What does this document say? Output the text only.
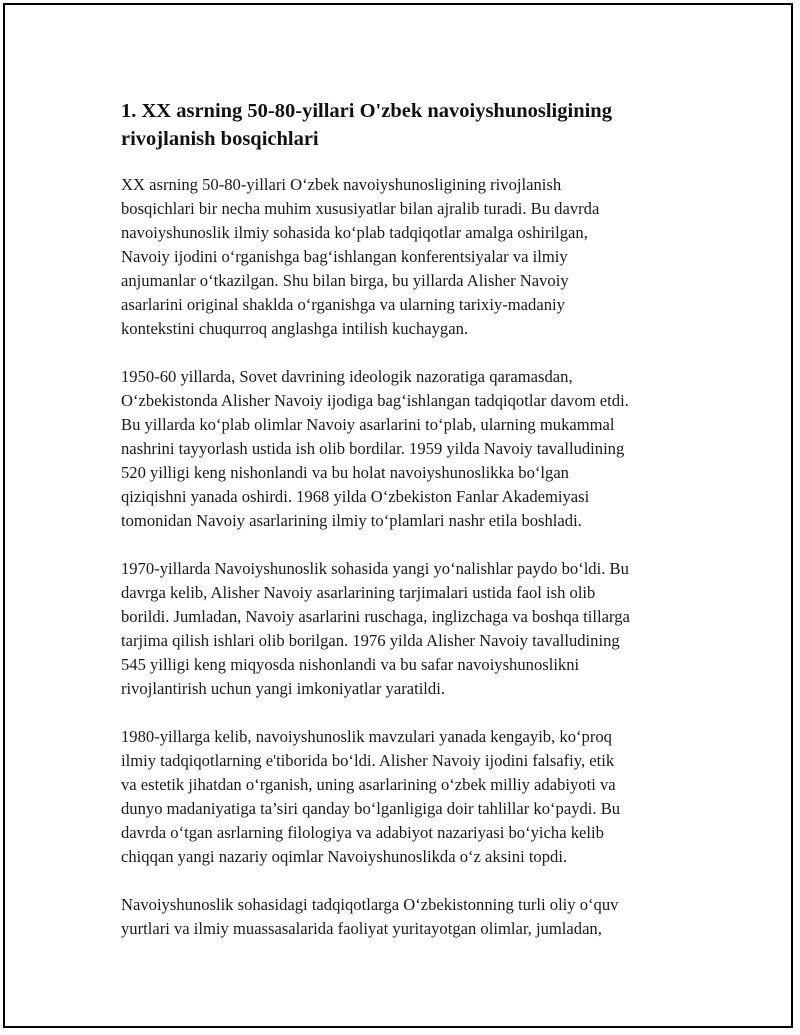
1. XX asrning 50-80-yillari O'zbek navoiyshunosligining rivojlanish bosqichlari

XX asrning 50-80-yillari O‘zbek navoiyshunosligining rivojlanish
bosqichlari bir necha muhim xususiyatlar bilan ajralib turadi. Bu davrda
navoiyshunoslik ilmiy sohasida ko‘plab tadqiqotlar amalga oshirilgan,
Navoiy ijodini o‘rganishga bag‘ishlangan konferentsiyalar va ilmiy
anjumanlar o‘tkazilgan. Shu bilan birga, bu yillarda Alisher Navoiy
asarlarini original shaklda o‘rganishga va ularning tarixiy-madaniy
kontekstini chuqurroq anglashga intilish kuchaygan.

1950-60 yillarda, Sovet davrining ideologik nazoratiga qaramasdan,
O‘zbekistonda Alisher Navoiy ijodiga bag‘ishlangan tadqiqotlar davom etdi.
Bu yillarda ko‘plab olimlar Navoiy asarlarini to‘plab, ularning mukammal
nashrini tayyorlash ustida ish olib bordilar. 1959 yilda Navoiy tavalludining
520 yilligi keng nishonlandi va bu holat navoiyshunoslikka bo‘lgan
qiziqishni yanada oshirdi. 1968 yilda O‘zbekiston Fanlar Akademiyasi
tomonidan Navoiy asarlarining ilmiy to‘plamlari nashr etila boshladi.

1970-yillarda Navoiyshunoslik sohasida yangi yo‘nalishlar paydo bo‘ldi. Bu
davrga kelib, Alisher Navoiy asarlarining tarjimalari ustida faol ish olib
borildi. Jumladan, Navoiy asarlarini ruschaga, inglizchaga va boshqa tillarga
tarjima qilish ishlari olib borilgan. 1976 yilda Alisher Navoiy tavalludining
545 yilligi keng miqyosda nishonlandi va bu safar navoiyshunoslikni
rivojlantirish uchun yangi imkoniyatlar yaratildi.

1980-yillarga kelib, navoiyshunoslik mavzulari yanada kengayib, ko‘proq
ilmiy tadqiqotlarning e'tiborida bo‘ldi. Alisher Navoiy ijodini falsafiy, etik
va estetik jihatdan o‘rganish, uning asarlarining o‘zbek milliy adabiyoti va
dunyo madaniyatiga ta’siri qanday bo‘lganligiga doir tahlillar ko‘paydi. Bu
davrda o‘tgan asrlarning filologiya va adabiyot nazariyasi bo‘yicha kelib
chiqqan yangi nazariy oqimlar Navoiyshunoslikda o‘z aksini topdi.

Navoiyshunoslik sohasidagi tadqiqotlarga O‘zbekistonning turli oliy o‘quv
yurtlari va ilmiy muassasalarida faoliyat yuritayotgan olimlar, jumladan,
